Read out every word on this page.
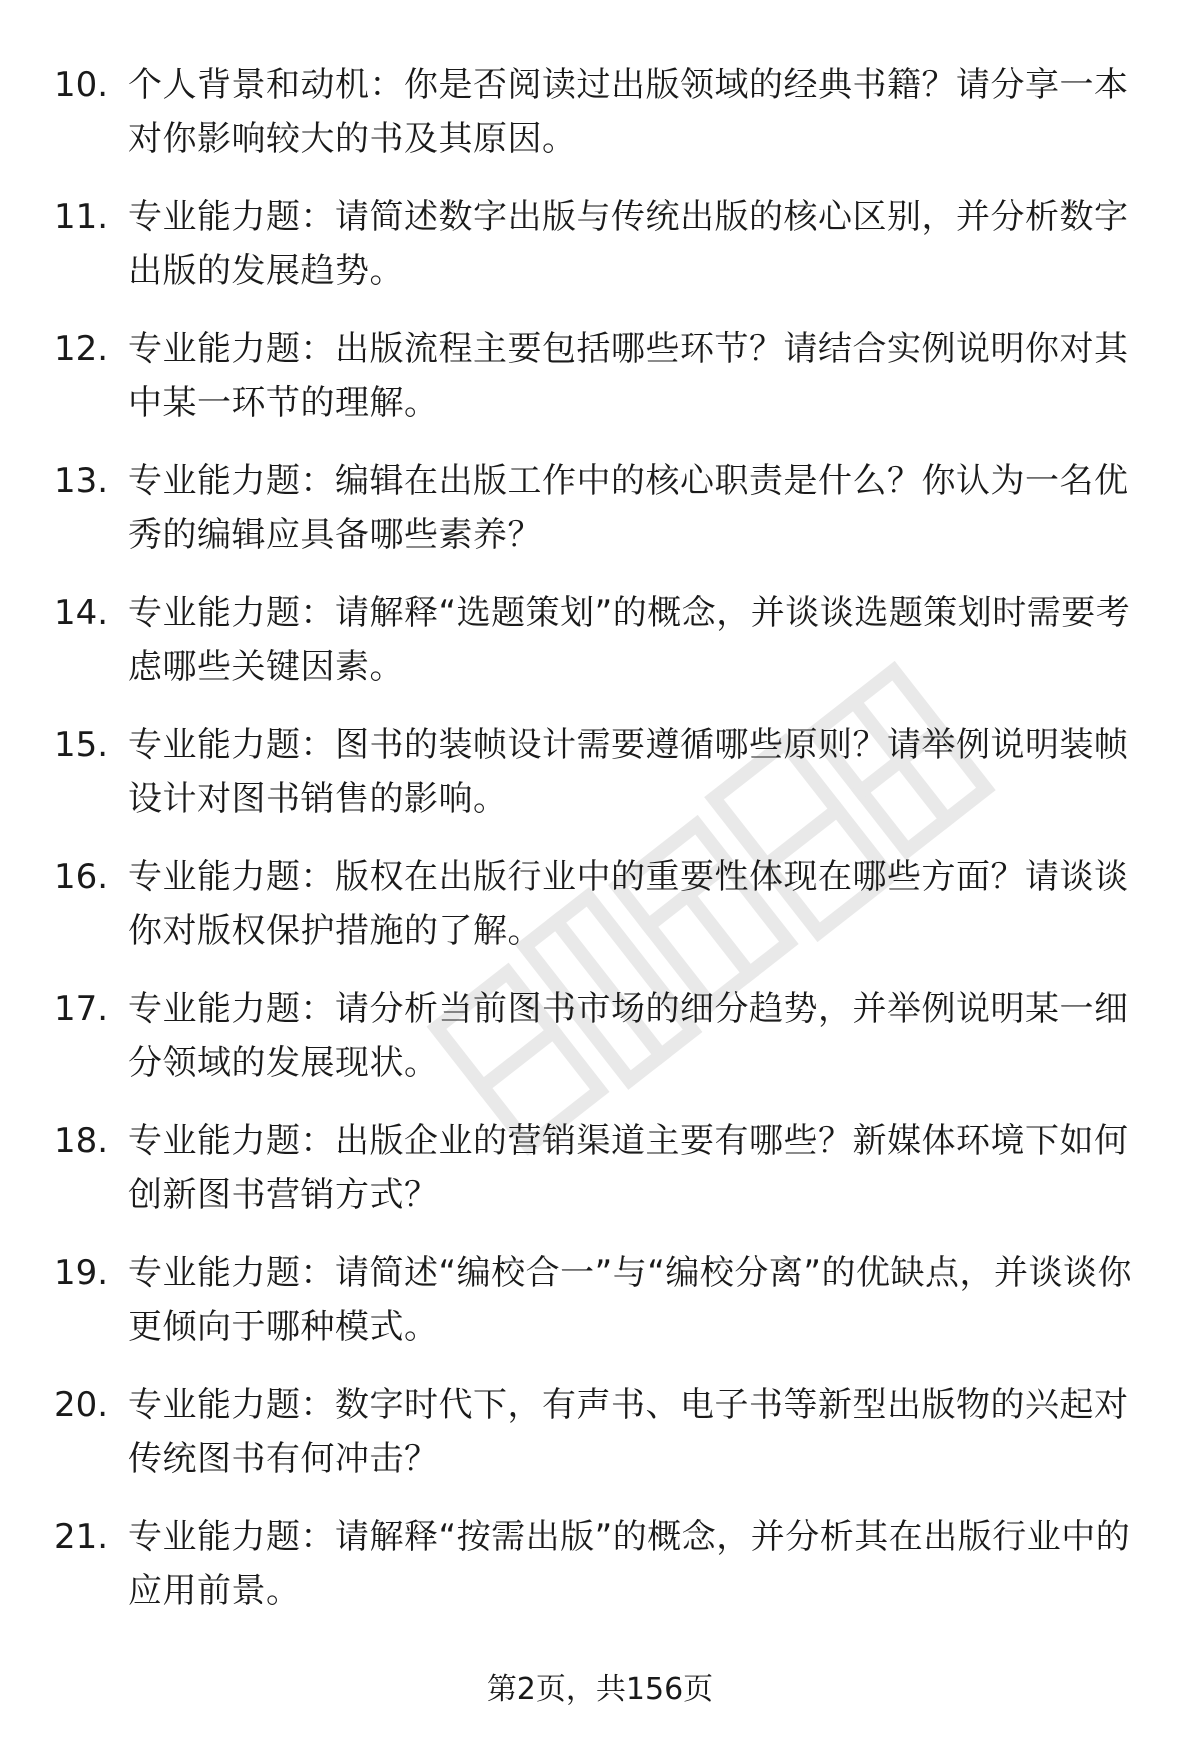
10. 个人背景和动机：你是否阅读过出版领域的经典书籍？请分享一本对你影响较大的书及其原因。
11. 专业能力题：请简述数字出版与传统出版的核心区别，并分析数字出版的发展趋势。
12. 专业能力题：出版流程主要包括哪些环节？请结合实例说明你对其中某一环节的理解。
13. 专业能力题：编辑在出版工作中的核心职责是什么？你认为一名优秀的编辑应具备哪些素养？
14. 专业能力题：请解释“选题策划”的概念，并谈谈选题策划时需要考虑哪些关键因素。
15. 专业能力题：图书的装帧设计需要遵循哪些原则？请举例说明装帧设计对图书销售的影响。
16. 专业能力题：版权在出版行业中的重要性体现在哪些方面？请谈谈你对版权保护措施的了解。
17. 专业能力题：请分析当前图书市场的细分趋势，并举例说明某一细分领域的发展现状。
18. 专业能力题：出版企业的营销渠道主要有哪些？新媒体环境下如何创新图书营销方式？
19. 专业能力题：请简述“编校合一”与“编校分离”的优缺点，并谈谈你更倾向于哪种模式。
20. 专业能力题：数字时代下，有声书、电子书等新型出版物的兴起对传统图书有何冲击？
21. 专业能力题：请解释“按需出版”的概念，并分析其在出版行业中的应用前景。
第2页，共156页
